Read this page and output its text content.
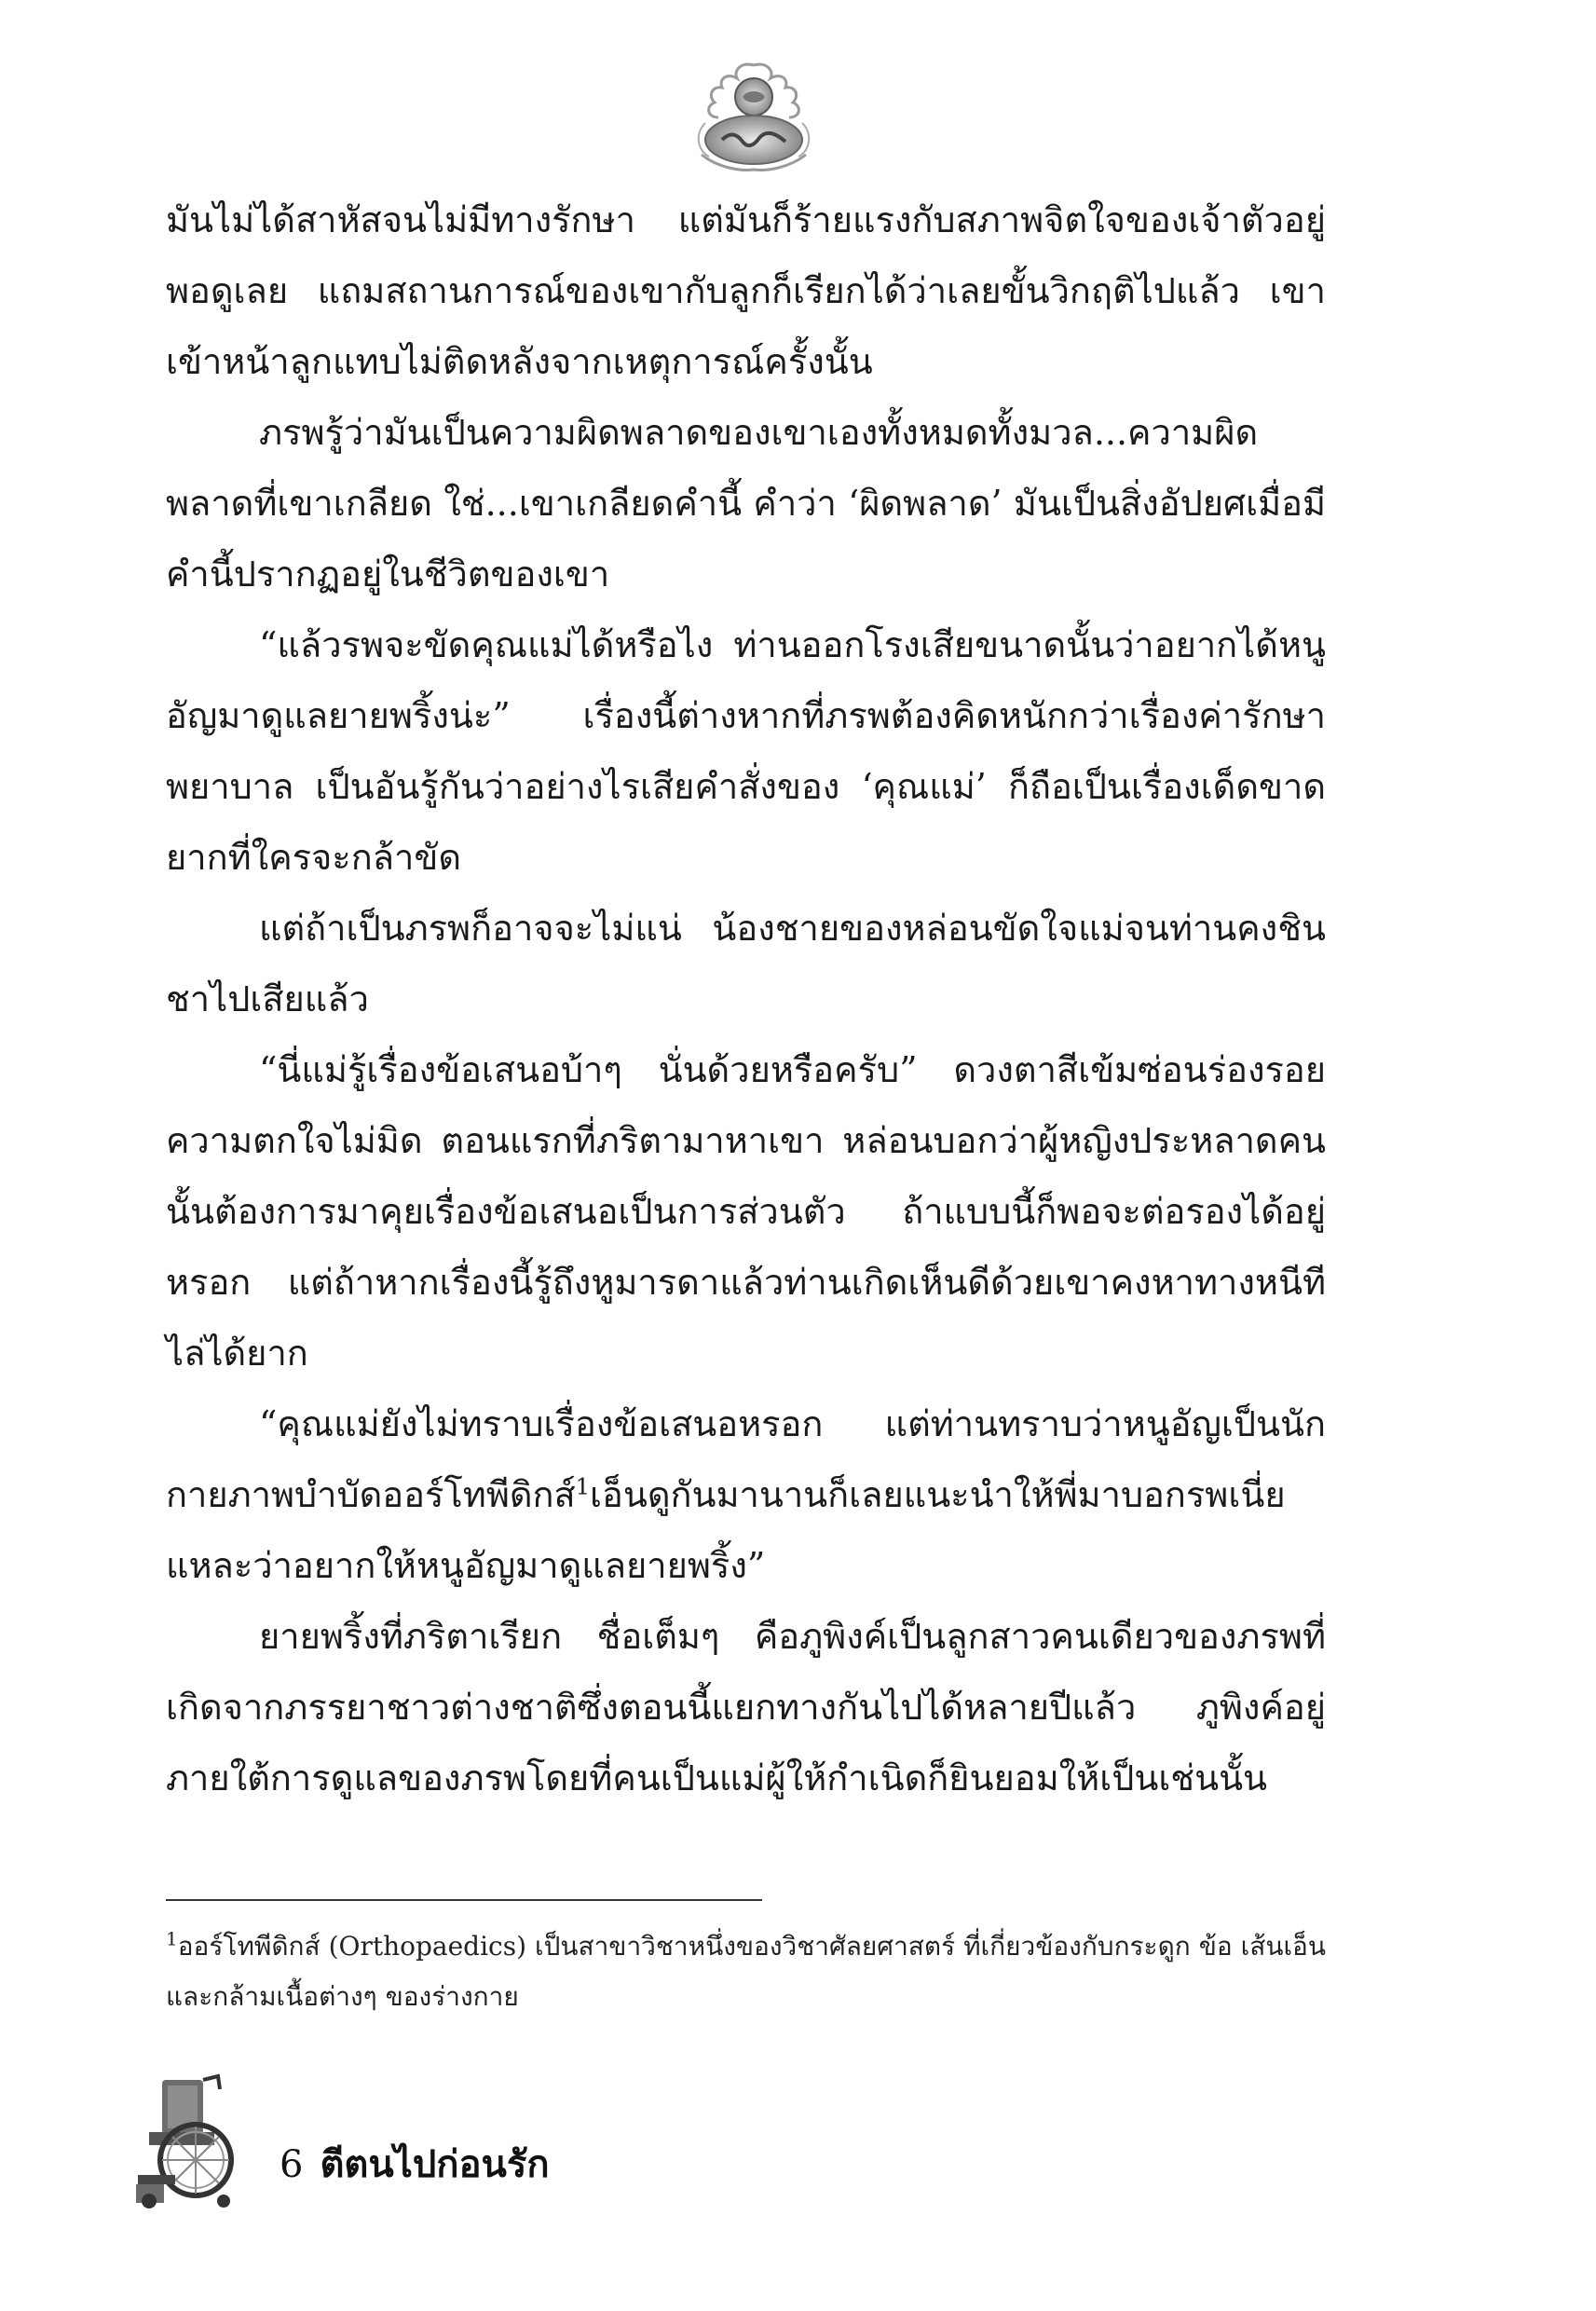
มันไม่ได้สาหัสจนไม่มีทางรักษา แต่มันก็ร้ายแรงกับสภาพจิตใจของเจ้าตัวอยู่พอดูเลย แถมสถานการณ์ของเขากับลูกก็เรียกได้ว่าเลยขั้นวิกฤติไปแล้ว เขาเข้าหน้าลูกแทบไม่ติดหลังจากเหตุการณ์ครั้งนั้น

ภรพรู้ว่ามันเป็นความผิดพลาดของเขาเองทั้งหมดทั้งมวล...ความผิดพลาดที่เขาเกลียด ใช่...เขาเกลียดคำนี้ คำว่า ‘ผิดพลาด’ มันเป็นสิ่งอัปยศเมื่อมีคำนี้ปรากฏอยู่ในชีวิตของเขา

“แล้วรพจะขัดคุณแม่ได้หรือไง ท่านออกโรงเสียขนาดนั้นว่าอยากได้หนูอัญมาดูแลยายพริ้งน่ะ” เรื่องนี้ต่างหากที่ภรพต้องคิดหนักกว่าเรื่องค่ารักษาพยาบาล เป็นอันรู้กันว่าอย่างไรเสียคำสั่งของ ‘คุณแม่’ ก็ถือเป็นเรื่องเด็ดขาดยากที่ใครจะกล้าขัด

แต่ถ้าเป็นภรพก็อาจจะไม่แน่ น้องชายของหล่อนขัดใจแม่จนท่านคงชินชาไปเสียแล้ว

“นี่แม่รู้เรื่องข้อเสนอบ้าๆ นั่นด้วยหรือครับ” ดวงตาสีเข้มซ่อนร่องรอยความตกใจไม่มิด ตอนแรกที่ภริตามาหาเขา หล่อนบอกว่าผู้หญิงประหลาดคนนั้นต้องการมาคุยเรื่องข้อเสนอเป็นการส่วนตัว ถ้าแบบนี้ก็พอจะต่อรองได้อยู่หรอก แต่ถ้าหากเรื่องนี้รู้ถึงหูมารดาแล้วท่านเกิดเห็นดีด้วยเขาคงหาทางหนีทีไล่ได้ยาก

“คุณแม่ยังไม่ทราบเรื่องข้อเสนอหรอก แต่ท่านทราบว่าหนูอัญเป็นนักกายภาพบำบัดออร์โทพีดิกส์$^1$เอ็นดูกันมานานก็เลยแนะนำให้พี่มาบอกรพเนี่ยแหละว่าอยากให้หนูอัญมาดูแลยายพริ้ง”

ยายพริ้งที่ภริตาเรียก ชื่อเต็มๆ คือภูพิงค์เป็นลูกสาวคนเดียวของภรพที่เกิดจากภรรยาชาวต่างชาติซึ่งตอนนี้แยกทางกันไปได้หลายปีแล้ว ภูพิงค์อยู่ภายใต้การดูแลของภรพโดยที่คนเป็นแม่ผู้ให้กำเนิดก็ยินยอมให้เป็นเช่นนั้น

$^1$ออร์โทพีดิกส์ (Orthopaedics) เป็นสาขาวิชาหนึ่งของวิชาศัลยศาสตร์ ที่เกี่ยวข้องกับกระดูก ข้อ เส้นเอ็น และกล้ามเนื้อต่างๆ ของร่างกาย
6 ตีตนไปก่อนรัก
